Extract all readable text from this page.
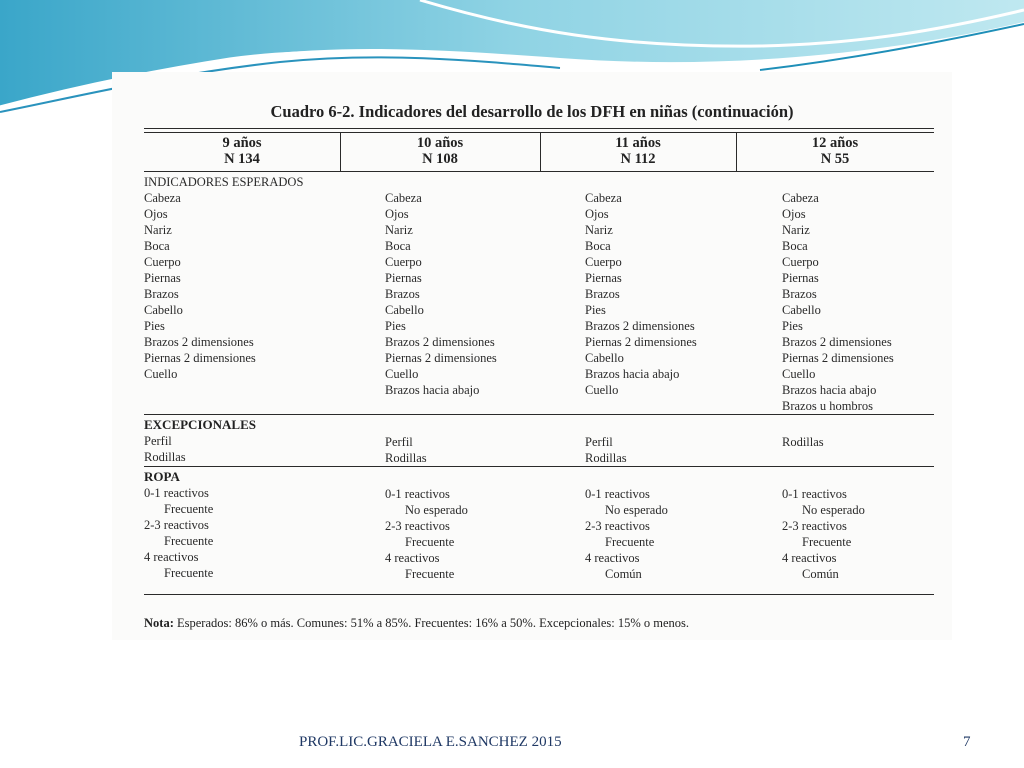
Cuadro 6-2. Indicadores del desarrollo de los DFH en niñas (continuación)
9 años
N 134
10 años
N 108
11 años
N 112
12 años
N 55
INDICADORES ESPERADOS
Cabeza
Ojos
Nariz
Boca
Cuerpo
Piernas
Brazos
Cabello
Pies
Brazos 2 dimensiones
Piernas 2 dimensiones
Cuello
Cabeza
Ojos
Nariz
Boca
Cuerpo
Piernas
Brazos
Cabello
Pies
Brazos 2 dimensiones
Piernas 2 dimensiones
Cuello
Brazos hacia abajo
Cabeza
Ojos
Nariz
Boca
Cuerpo
Piernas
Brazos
Pies
Brazos 2 dimensiones
Piernas 2 dimensiones
Cabello
Brazos hacia abajo
Cuello
Cabeza
Ojos
Nariz
Boca
Cuerpo
Piernas
Brazos
Cabello
Pies
Brazos 2 dimensiones
Piernas 2 dimensiones
Cuello
Brazos hacia abajo
Brazos u hombros
EXCEPCIONALES
Perfil
Rodillas
Perfil
Rodillas
Perfil
Rodillas
Rodillas
ROPA
0-1 reactivos
Frecuente
2-3 reactivos
Frecuente
4 reactivos
Frecuente
0-1 reactivos
No esperado
2-3 reactivos
Frecuente
4 reactivos
Frecuente
0-1 reactivos
No esperado
2-3 reactivos
Frecuente
4 reactivos
Común
0-1 reactivos
No esperado
2-3 reactivos
Frecuente
4 reactivos
Común
Nota: Esperados: 86% o más. Comunes: 51% a 85%. Frecuentes: 16% a 50%. Excepcionales: 15% o menos.
PROF.LIC.GRACIELA E.SANCHEZ 2015	7
